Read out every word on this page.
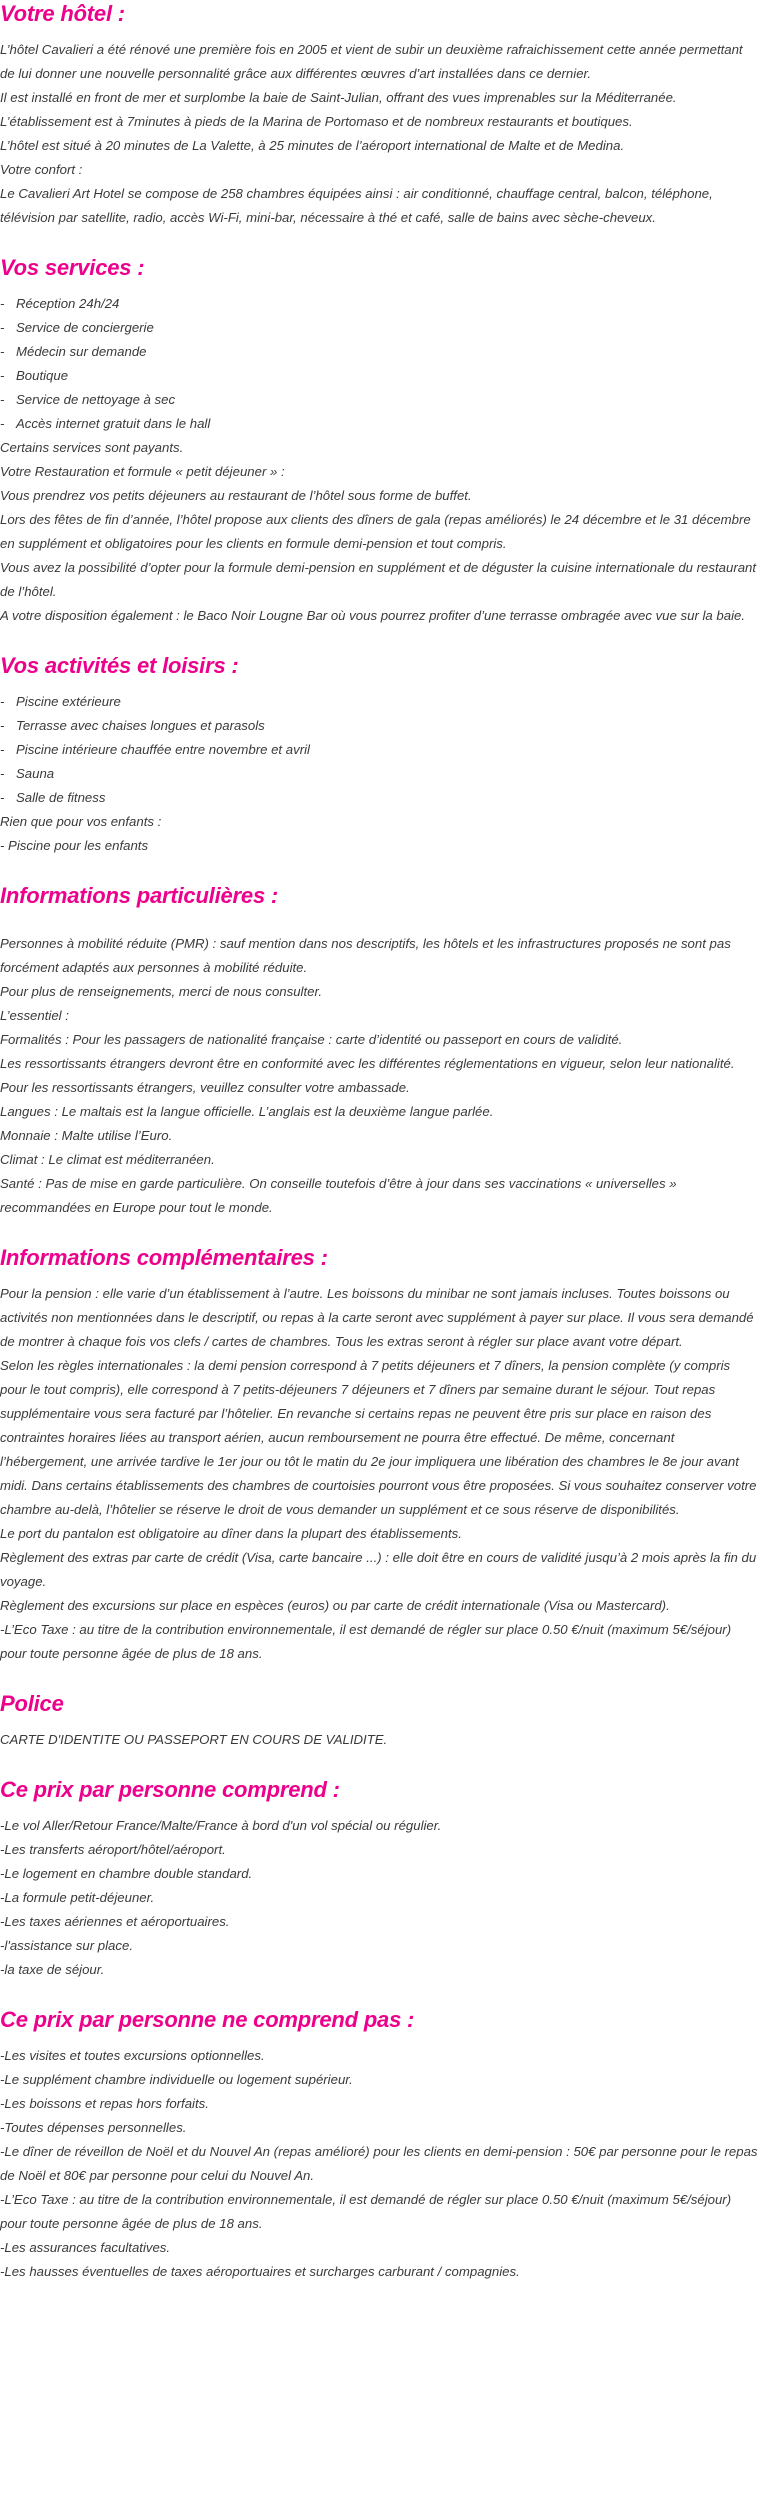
Votre hôtel :

L’hôtel Cavalieri a été rénové une première fois en 2005 et vient de subir un deuxième rafraichissement cette année permettant de lui donner une nouvelle personnalité grâce aux différentes œuvres d’art installées dans ce dernier.

Il est installé en front de mer et surplombe la baie de Saint-Julian, offrant des vues imprenables sur la Méditerranée.

L’établissement est à 7minutes à pieds de la Marina de Portomaso et de nombreux restaurants et boutiques.

L’hôtel est situé à 20 minutes de La Valette, à 25 minutes de l’aéroport international de Malte et de Medina.

Votre confort :

Le Cavalieri Art Hotel se compose de 258 chambres équipées ainsi : air conditionné, chauffage central, balcon, téléphone, télévision par satellite, radio, accès Wi-Fi, mini-bar, nécessaire à thé et café, salle de bains avec sèche-cheveux.

Vos services :
- Réception 24h/24
- Service de conciergerie
- Médecin sur demande
- Boutique
- Service de nettoyage à sec
- Accès internet gratuit dans le hall

Certains services sont payants.

Votre Restauration et formule « petit déjeuner » :

Vous prendrez vos petits déjeuners au restaurant de l’hôtel sous forme de buffet.

Lors des fêtes de fin d’année, l’hôtel propose aux clients des dîners de gala (repas améliorés) le 24 décembre et le 31 décembre en supplément et obligatoires pour les clients en formule demi-pension et tout compris.

Vous avez la possibilité d’opter pour la formule demi-pension en supplément et de déguster la cuisine internationale du restaurant de l’hôtel.

A votre disposition également : le Baco Noir Lougne Bar où vous pourrez profiter d’une terrasse ombragée avec vue sur la baie.

Vos activités et loisirs :
- Piscine extérieure
- Terrasse avec chaises longues et parasols
- Piscine intérieure chauffée entre novembre et avril
- Sauna
- Salle de fitness

Rien que pour vos enfants :

- Piscine pour les enfants

Informations particulières :

Personnes à mobilité réduite (PMR) : sauf mention dans nos descriptifs, les hôtels et les infrastructures proposés ne sont pas forcément adaptés aux personnes à mobilité réduite.

Pour plus de renseignements, merci de nous consulter.

L’essentiel :

Formalités : Pour les passagers de nationalité française : carte d’identité ou passeport en cours de validité.

Les ressortissants étrangers devront être en conformité avec les différentes réglementations en vigueur, selon leur nationalité.

Pour les ressortissants étrangers, veuillez consulter votre ambassade.

Langues : Le maltais est la langue officielle. L’anglais est la deuxième langue parlée.

Monnaie : Malte utilise l’Euro.

Climat : Le climat est méditerranéen.

Santé : Pas de mise en garde particulière. On conseille toutefois d’être à jour dans ses vaccinations « universelles » recommandées en Europe pour tout le monde.

Informations complémentaires :

Pour la pension : elle varie d’un établissement à l’autre. Les boissons du minibar ne sont jamais incluses. Toutes boissons ou activités non mentionnées dans le descriptif, ou repas à la carte seront avec supplément à payer sur place. Il vous sera demandé de montrer à chaque fois vos clefs / cartes de chambres. Tous les extras seront à régler sur place avant votre départ.

Selon les règles internationales : la demi pension correspond à 7 petits déjeuners et 7 dîners, la pension complète (y compris pour le tout compris), elle correspond à 7 petits-déjeuners 7 déjeuners et 7 dîners par semaine durant le séjour. Tout repas supplémentaire vous sera facturé par l’hôtelier. En revanche si certains repas ne peuvent être pris sur place en raison des contraintes horaires liées au transport aérien, aucun remboursement ne pourra être effectué. De même, concernant l’hébergement, une arrivée tardive le 1er jour ou tôt le matin du 2e jour impliquera une libération des chambres le 8e jour avant midi. Dans certains établissements des chambres de courtoisies pourront vous être proposées. Si vous souhaitez conserver votre chambre au-delà, l’hôtelier se réserve le droit de vous demander un supplément et ce sous réserve de disponibilités.

Le port du pantalon est obligatoire au dîner dans la plupart des établissements.

Règlement des extras par carte de crédit (Visa, carte bancaire ...) : elle doit être en cours de validité jusqu’à 2 mois après la fin du voyage.

Règlement des excursions sur place en espèces (euros) ou par carte de crédit internationale (Visa ou Mastercard).

-L’Eco Taxe : au titre de la contribution environnementale, il est demandé de régler sur place 0.50 €/nuit (maximum 5€/séjour) pour toute personne âgée de plus de 18 ans.

Police

CARTE D'IDENTITE OU PASSEPORT EN COURS DE VALIDITE.

Ce prix par personne comprend :

-Le vol Aller/Retour France/Malte/France à bord d'un vol spécial ou régulier.

-Les transferts aéroport/hôtel/aéroport.

-Le logement en chambre double standard.

-La formule petit-déjeuner.

-Les taxes aériennes et aéroportuaires.

-l'assistance sur place.

-la taxe de séjour.

Ce prix par personne ne comprend pas :

-Les visites et toutes excursions optionnelles.

-Le supplément chambre individuelle ou logement supérieur.

-Les boissons et repas hors forfaits.

-Toutes dépenses personnelles.

-Le dîner de réveillon de Noël et du Nouvel An (repas amélioré) pour les clients en demi-pension : 50€ par personne pour le repas de Noël et 80€ par personne pour celui du Nouvel An.

-L’Eco Taxe : au titre de la contribution environnementale, il est demandé de régler sur place 0.50 €/nuit (maximum 5€/séjour) pour toute personne âgée de plus de 18 ans.

-Les assurances facultatives.

-Les hausses éventuelles de taxes aéroportuaires et surcharges carburant / compagnies.
